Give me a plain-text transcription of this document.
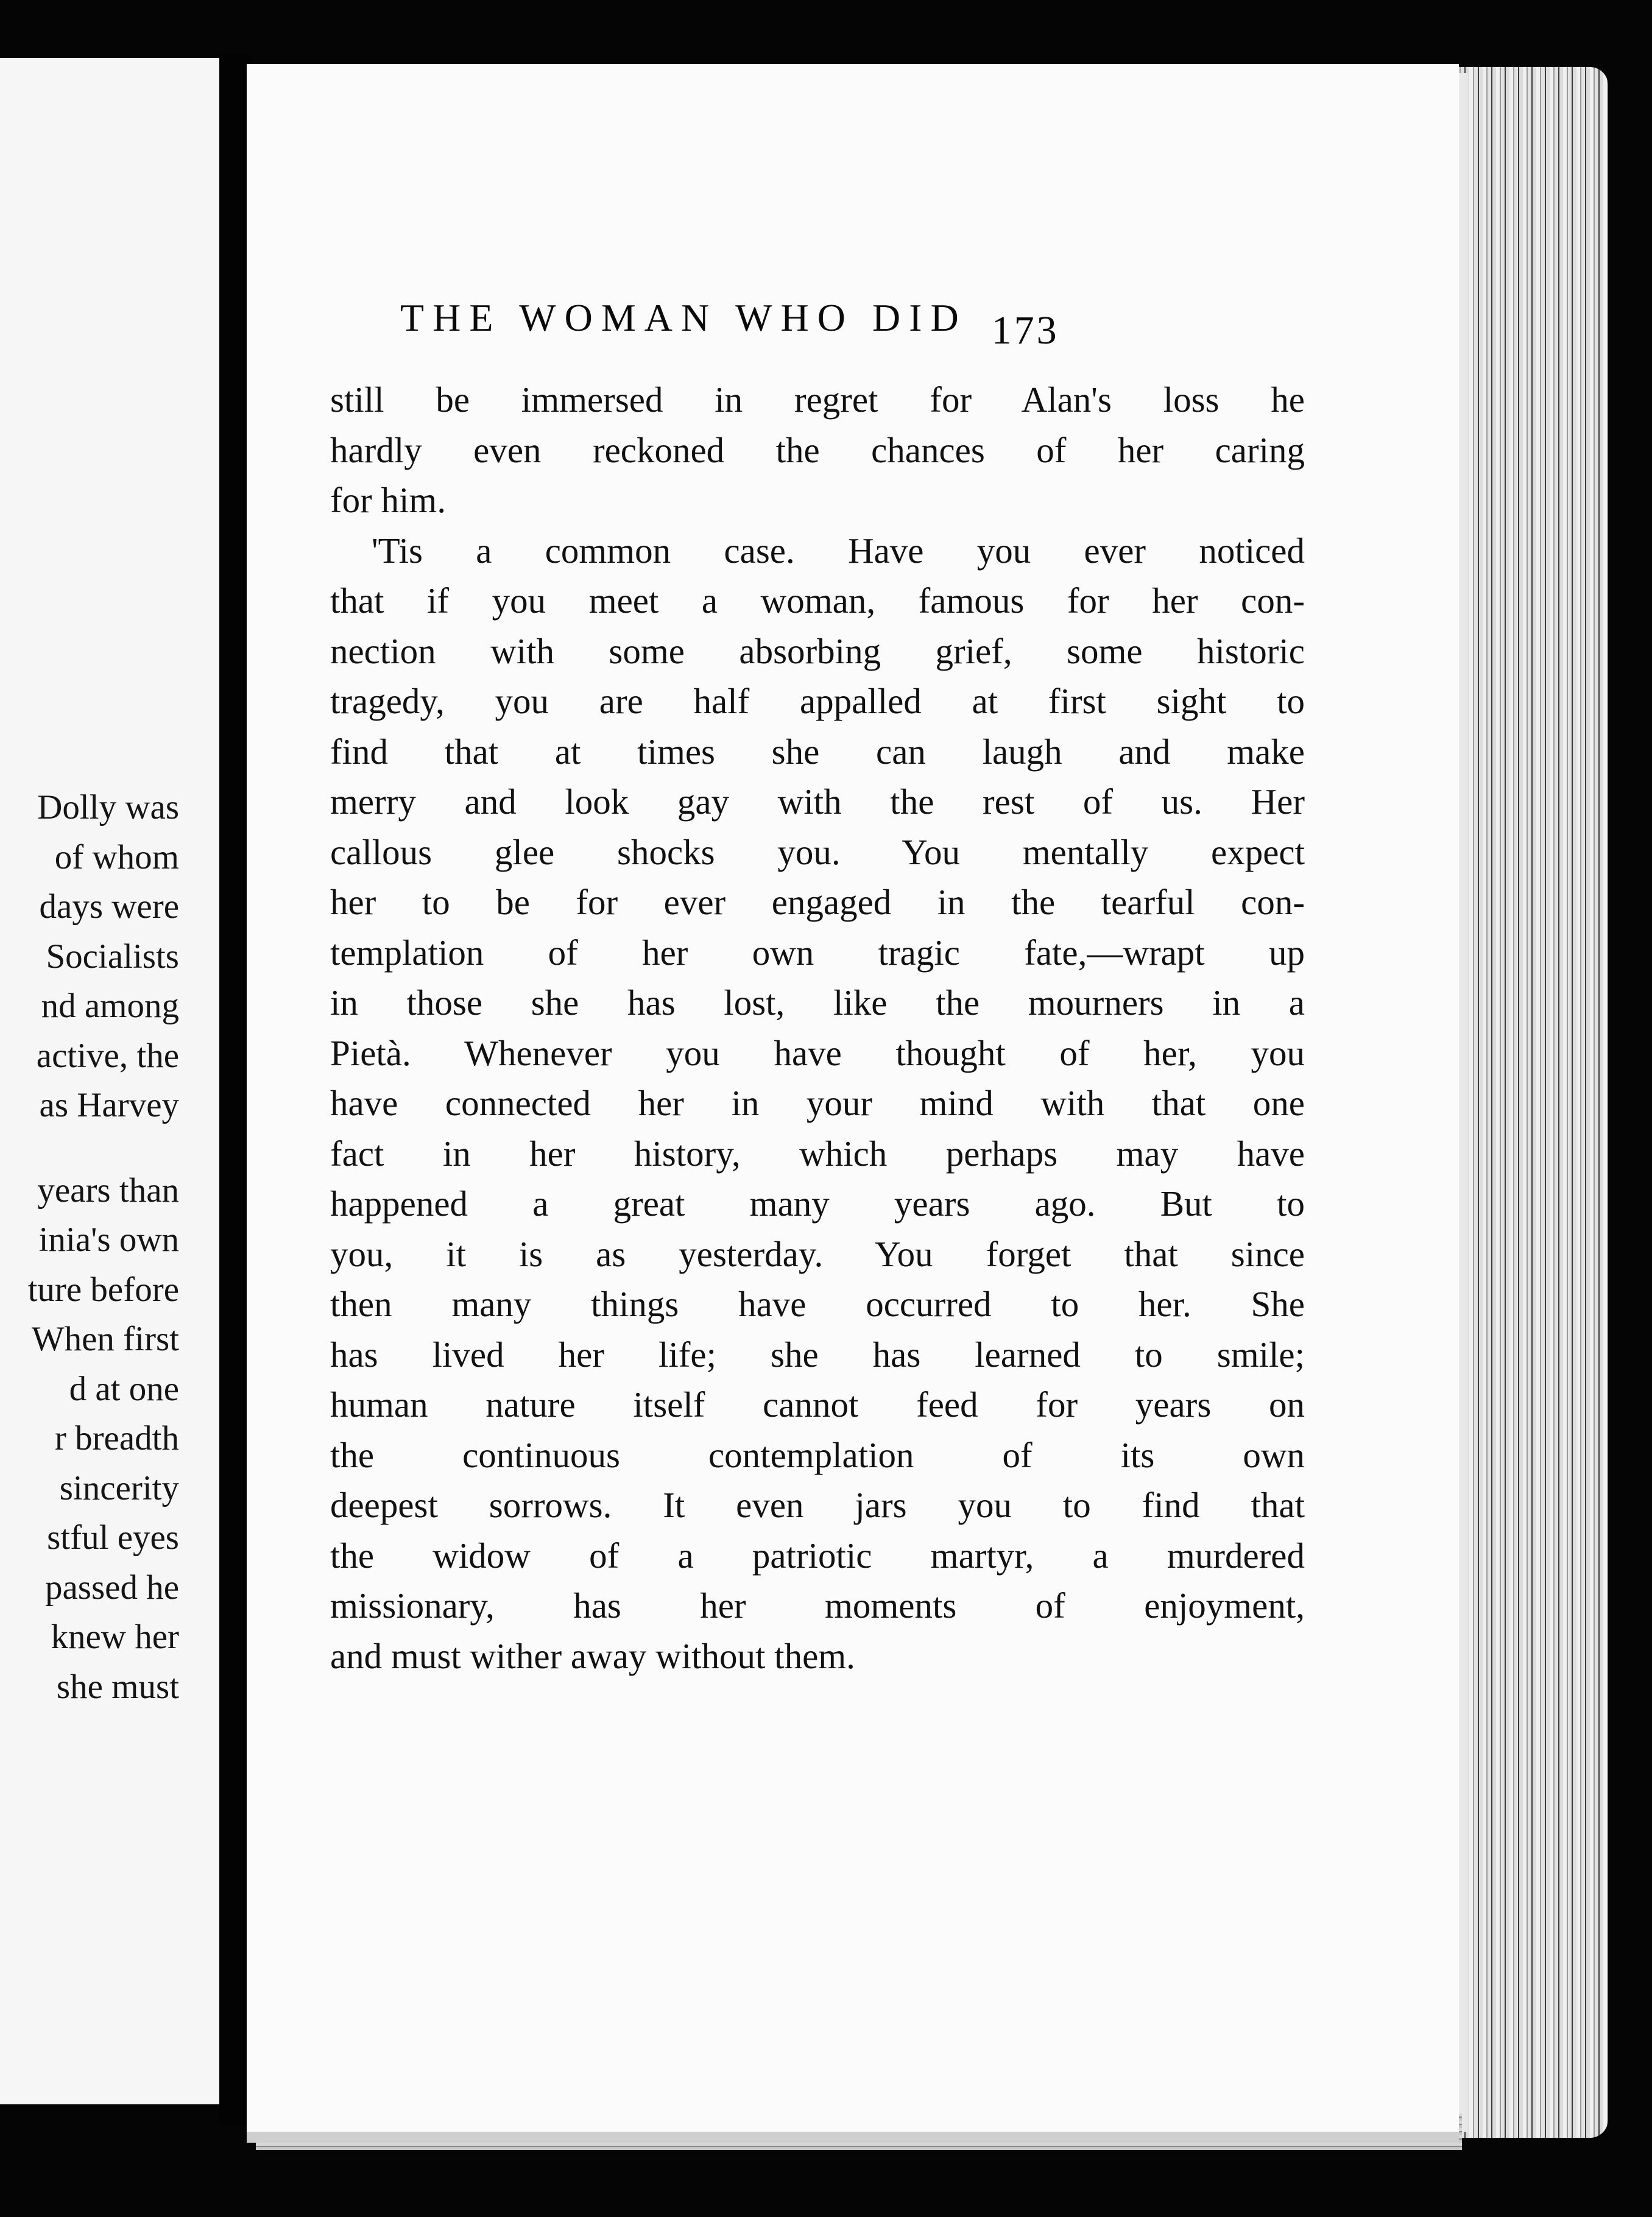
Dolly was
of whom
days were
Socialists
nd among
active, the
as Harvey
years than
inia's own
ture before
When first
d at one
r breadth
sincerity
stful eyes
passed he
knew her
she must
THE WOMAN WHO DID 173
still be immersed in regret for Alan's loss he
hardly even reckoned the chances of her caring
for him.
'Tis a common case. Have you ever noticed
that if you meet a woman, famous for her con-
nection with some absorbing grief, some historic
tragedy, you are half appalled at first sight to
find that at times she can laugh and make
merry and look gay with the rest of us. Her
callous glee shocks you. You mentally expect
her to be for ever engaged in the tearful con-
templation of her own tragic fate,—wrapt up
in those she has lost, like the mourners in a
Pietà. Whenever you have thought of her, you
have connected her in your mind with that one
fact in her history, which perhaps may have
happened a great many years ago. But to
you, it is as yesterday. You forget that since
then many things have occurred to her. She
has lived her life; she has learned to smile;
human nature itself cannot feed for years on
the continuous contemplation of its own
deepest sorrows. It even jars you to find that
the widow of a patriotic martyr, a murdered
missionary, has her moments of enjoyment,
and must wither away without them.
